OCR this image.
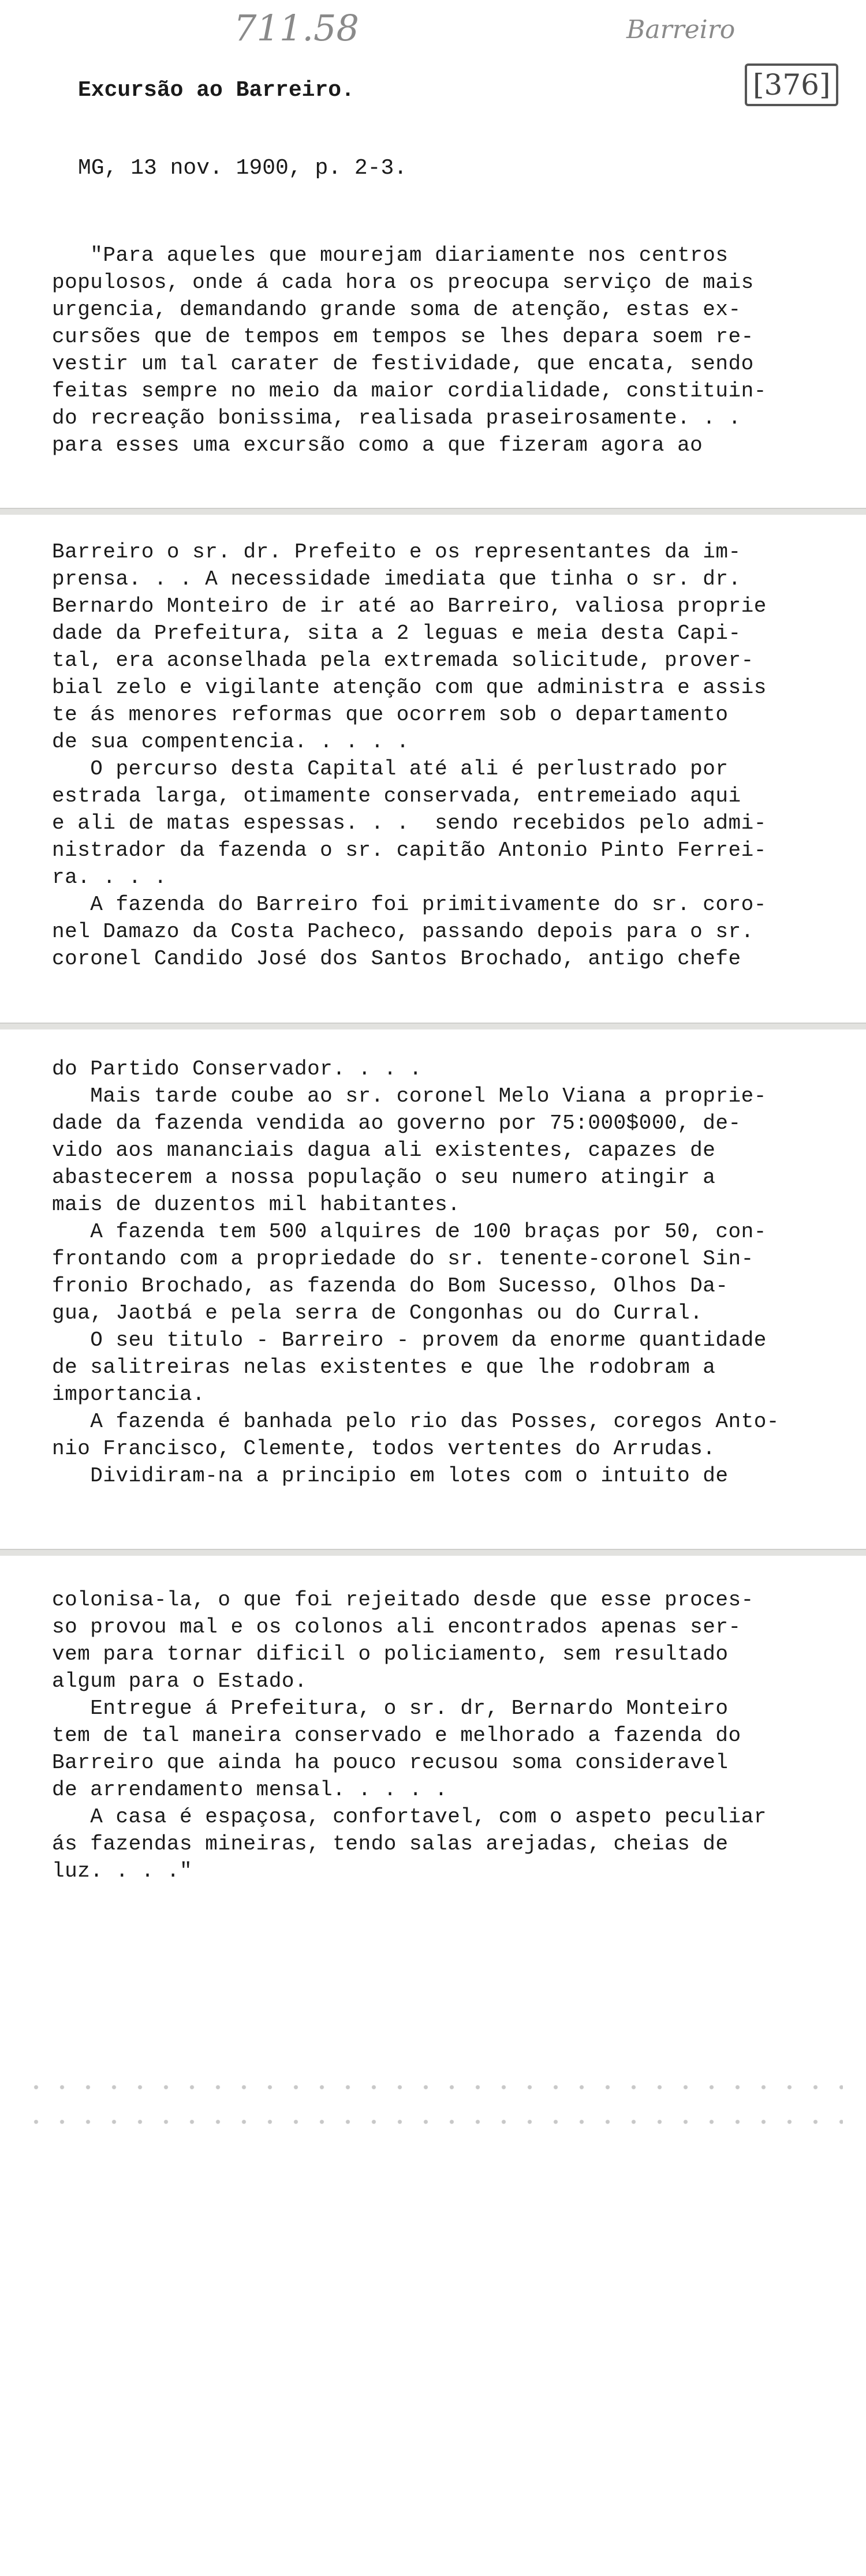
711.58	Barreiro
[376]
Excursão ao Barreiro.
MG, 13 nov. 1900, p. 2-3.
"Para aqueles que mourejam diariamente nos centros
populosos, onde á cada hora os preocupa serviço de mais
urgencia, demandando grande soma de atenção, estas ex-
cursões que de tempos em tempos se lhes depara soem re-
vestir um tal carater de festividade, que encata, sendo
feitas sempre no meio da maior cordialidade, constituin-
do recreação bonissima, realisada praseirosamente. . .
para esses uma excursão como a que fizeram agora ao
Barreiro o sr. dr. Prefeito e os representantes da im-
prensa. . . A necessidade imediata que tinha o sr. dr.
Bernardo Monteiro de ir até ao Barreiro, valiosa proprie
dade da Prefeitura, sita a 2 leguas e meia desta Capi-
tal, era aconselhada pela extremada solicitude, prover-
bial zelo e vigilante atenção com que administra e assis
te ás menores reformas que ocorrem sob o departamento
de sua compentencia. . . . .
O percurso desta Capital até ali é perlustrado por
estrada larga, otimamente conservada, entremeiado aqui
e ali de matas espessas. . .  sendo recebidos pelo admi-
nistrador da fazenda o sr. capitão Antonio Pinto Ferrei-
ra. . . .
A fazenda do Barreiro foi primitivamente do sr. coro-
nel Damazo da Costa Pacheco, passando depois para o sr.
coronel Candido José dos Santos Brochado, antigo chefe
do Partido Conservador. . . .
Mais tarde coube ao sr. coronel Melo Viana a proprie-
dade da fazenda vendida ao governo por 75:000$000, de-
vido aos mananciais dagua ali existentes, capazes de
abastecerem a nossa população o seu numero atingir a
mais de duzentos mil habitantes.
A fazenda tem 500 alquires de 100 braças por 50, con-
frontando com a propriedade do sr. tenente-coronel Sin-
fronio Brochado, as fazenda do Bom Sucesso, Olhos Da-
gua, Jaotbá e pela serra de Congonhas ou do Curral.
O seu titulo - Barreiro - provem da enorme quantidade
de salitreiras nelas existentes e que lhe rodobram a
importancia.
A fazenda é banhada pelo rio das Posses, coregos Anto-
nio Francisco, Clemente, todos vertentes do Arrudas.
Dividiram-na a principio em lotes com o intuito de
colonisa-la, o que foi rejeitado desde que esse proces-
so provou mal e os colonos ali encontrados apenas ser-
vem para tornar dificil o policiamento, sem resultado
algum para o Estado.
Entregue á Prefeitura, o sr. dr, Bernardo Monteiro
tem de tal maneira conservado e melhorado a fazenda do
Barreiro que ainda ha pouco recusou soma consideravel
de arrendamento mensal. . . . .
A casa é espaçosa, confortavel, com o aspeto peculiar
ás fazendas mineiras, tendo salas arejadas, cheias de
luz. . . ."
